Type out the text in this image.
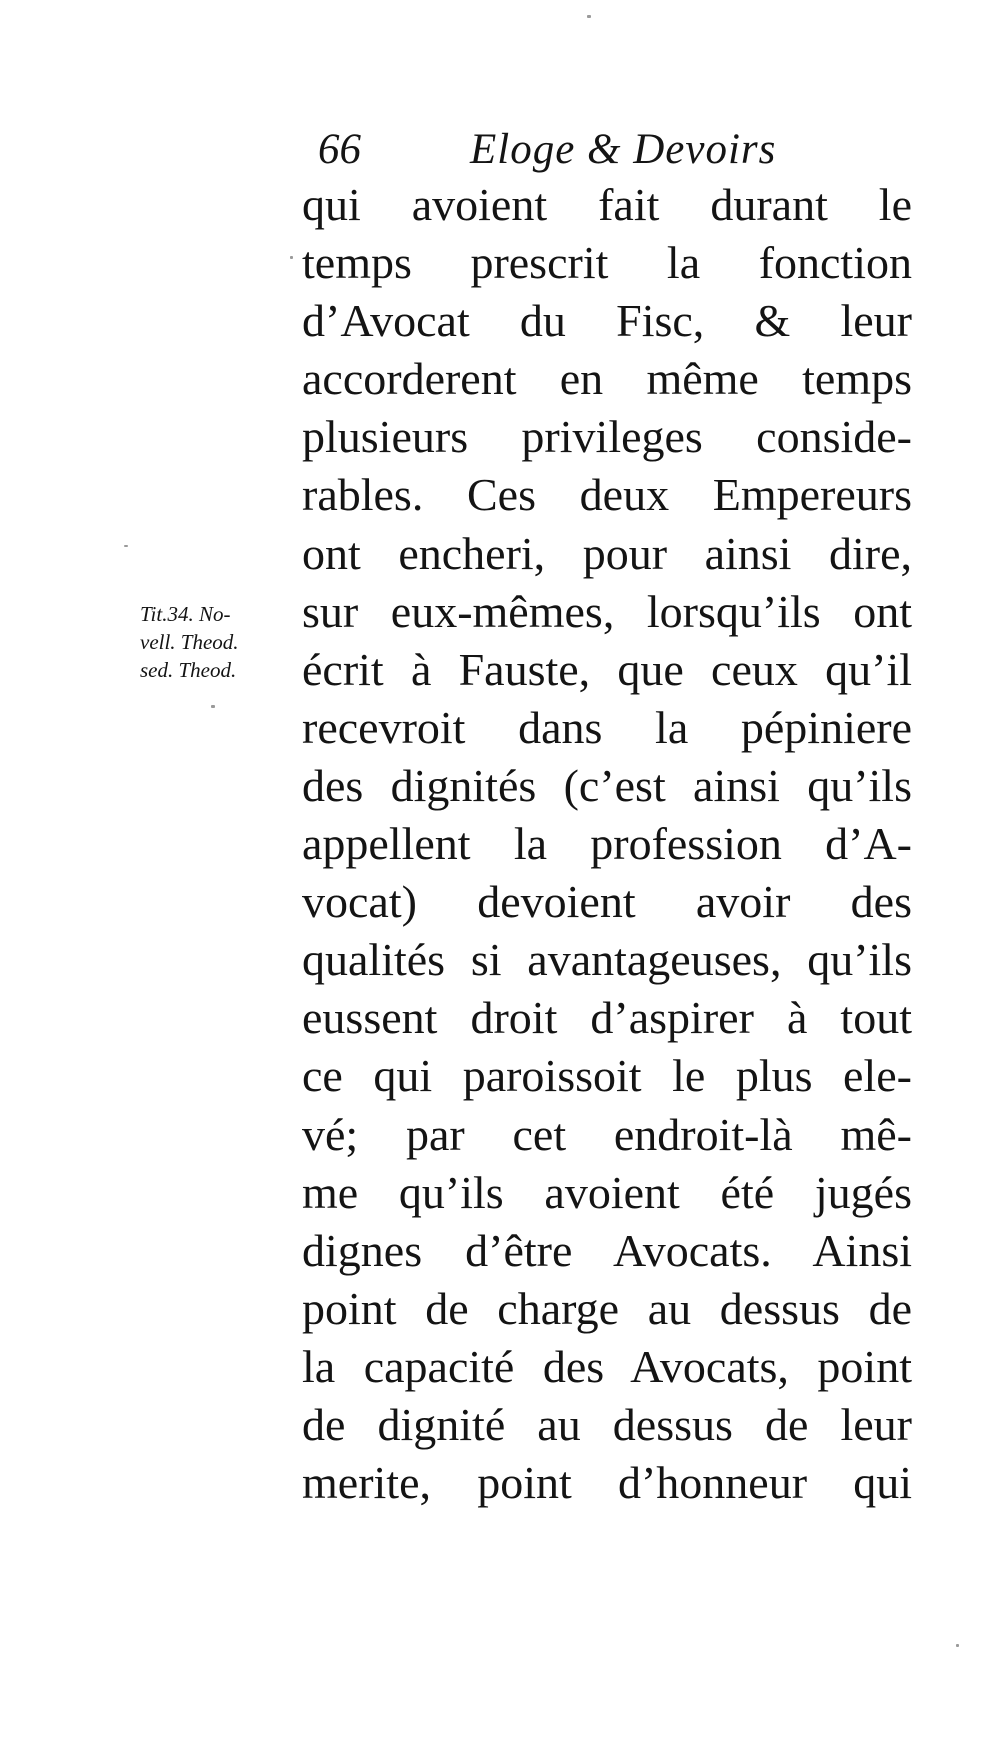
66	Eloge & Devoirs
Tit.34. No-
vell. Theod.
sed. Theod.
qui avoient fait durant le
temps prescrit la fonction
d’Avocat du Fisc, & leur
accorderent en même temps
plusieurs privileges conside-
rables. Ces deux Empereurs
ont encheri, pour ainsi dire,
sur eux-mêmes, lorsqu’ils ont
écrit à Fauste, que ceux qu’il
recevroit dans la pépiniere
des dignités (c’est ainsi qu’ils
appellent la profession d’A-
vocat) devoient avoir des
qualités si avantageuses, qu’ils
eussent droit d’aspirer à tout
ce qui paroissoit le plus ele-
vé; par cet endroit-là mê-
me qu’ils avoient été jugés
dignes d’être Avocats. Ainsi
point de charge au dessus de
la capacité des Avocats, point
de dignité au dessus de leur
merite, point d’honneur qui
